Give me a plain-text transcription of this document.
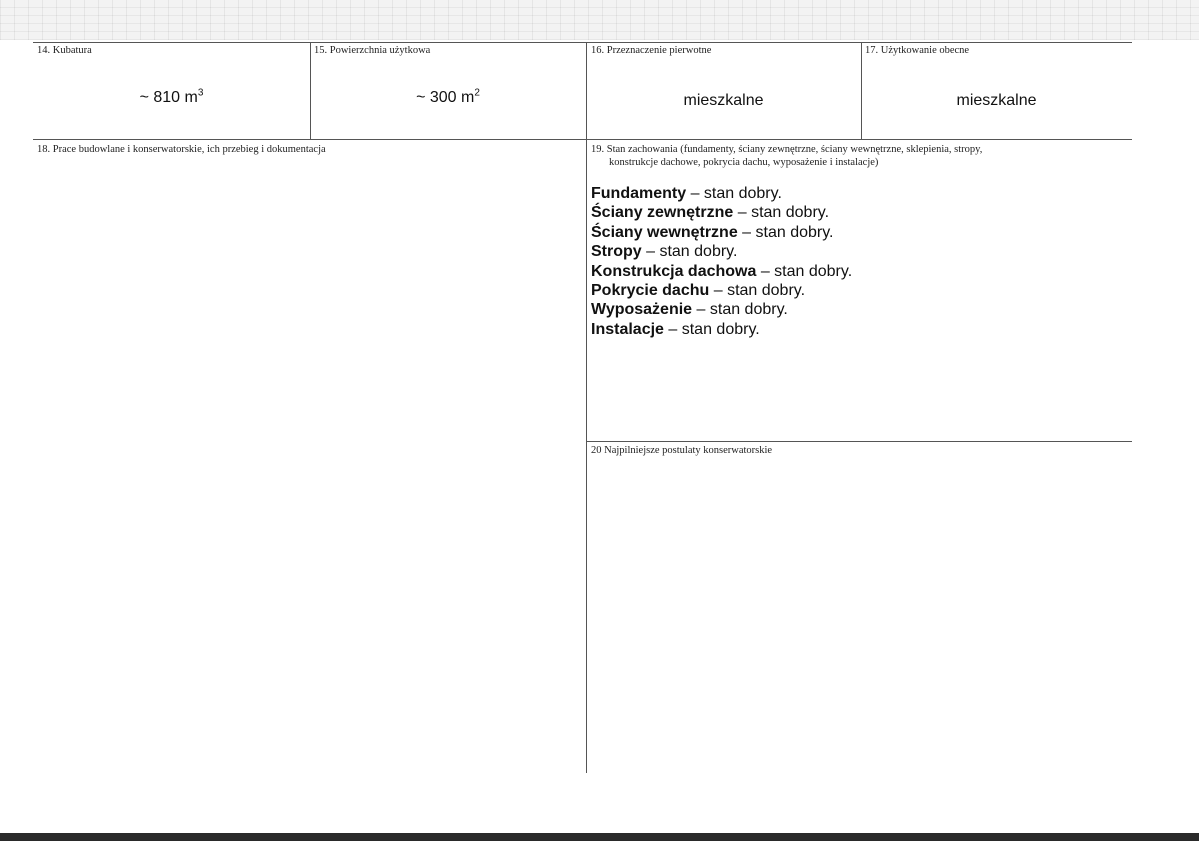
14. Kubatura
~ 810 $m^3$
15. Powierzchnia użytkowa
~ 300 $m^2$
16. Przeznaczenie pierwotne
mieszkalne
17. Użytkowanie obecne
mieszkalne
18. Prace budowlane i konserwatorskie, ich przebieg i dokumentacja	19. Stan zachowania (fundamenty, ściany zewnętrzne, ściany wewnętrzne, sklepienia, stropy,
konstrukcje dachowe, pokrycia dachu, wyposażenie i instalacje)
Fundamenty – stan dobry.
Ściany zewnętrzne – stan dobry.
Ściany wewnętrzne – stan dobry.
Stropy – stan dobry.
Konstrukcja dachowa – stan dobry.
Pokrycie dachu – stan dobry.
Wyposażenie – stan dobry.
Instalacje – stan dobry.
20 Najpilniejsze postulaty konserwatorskie
